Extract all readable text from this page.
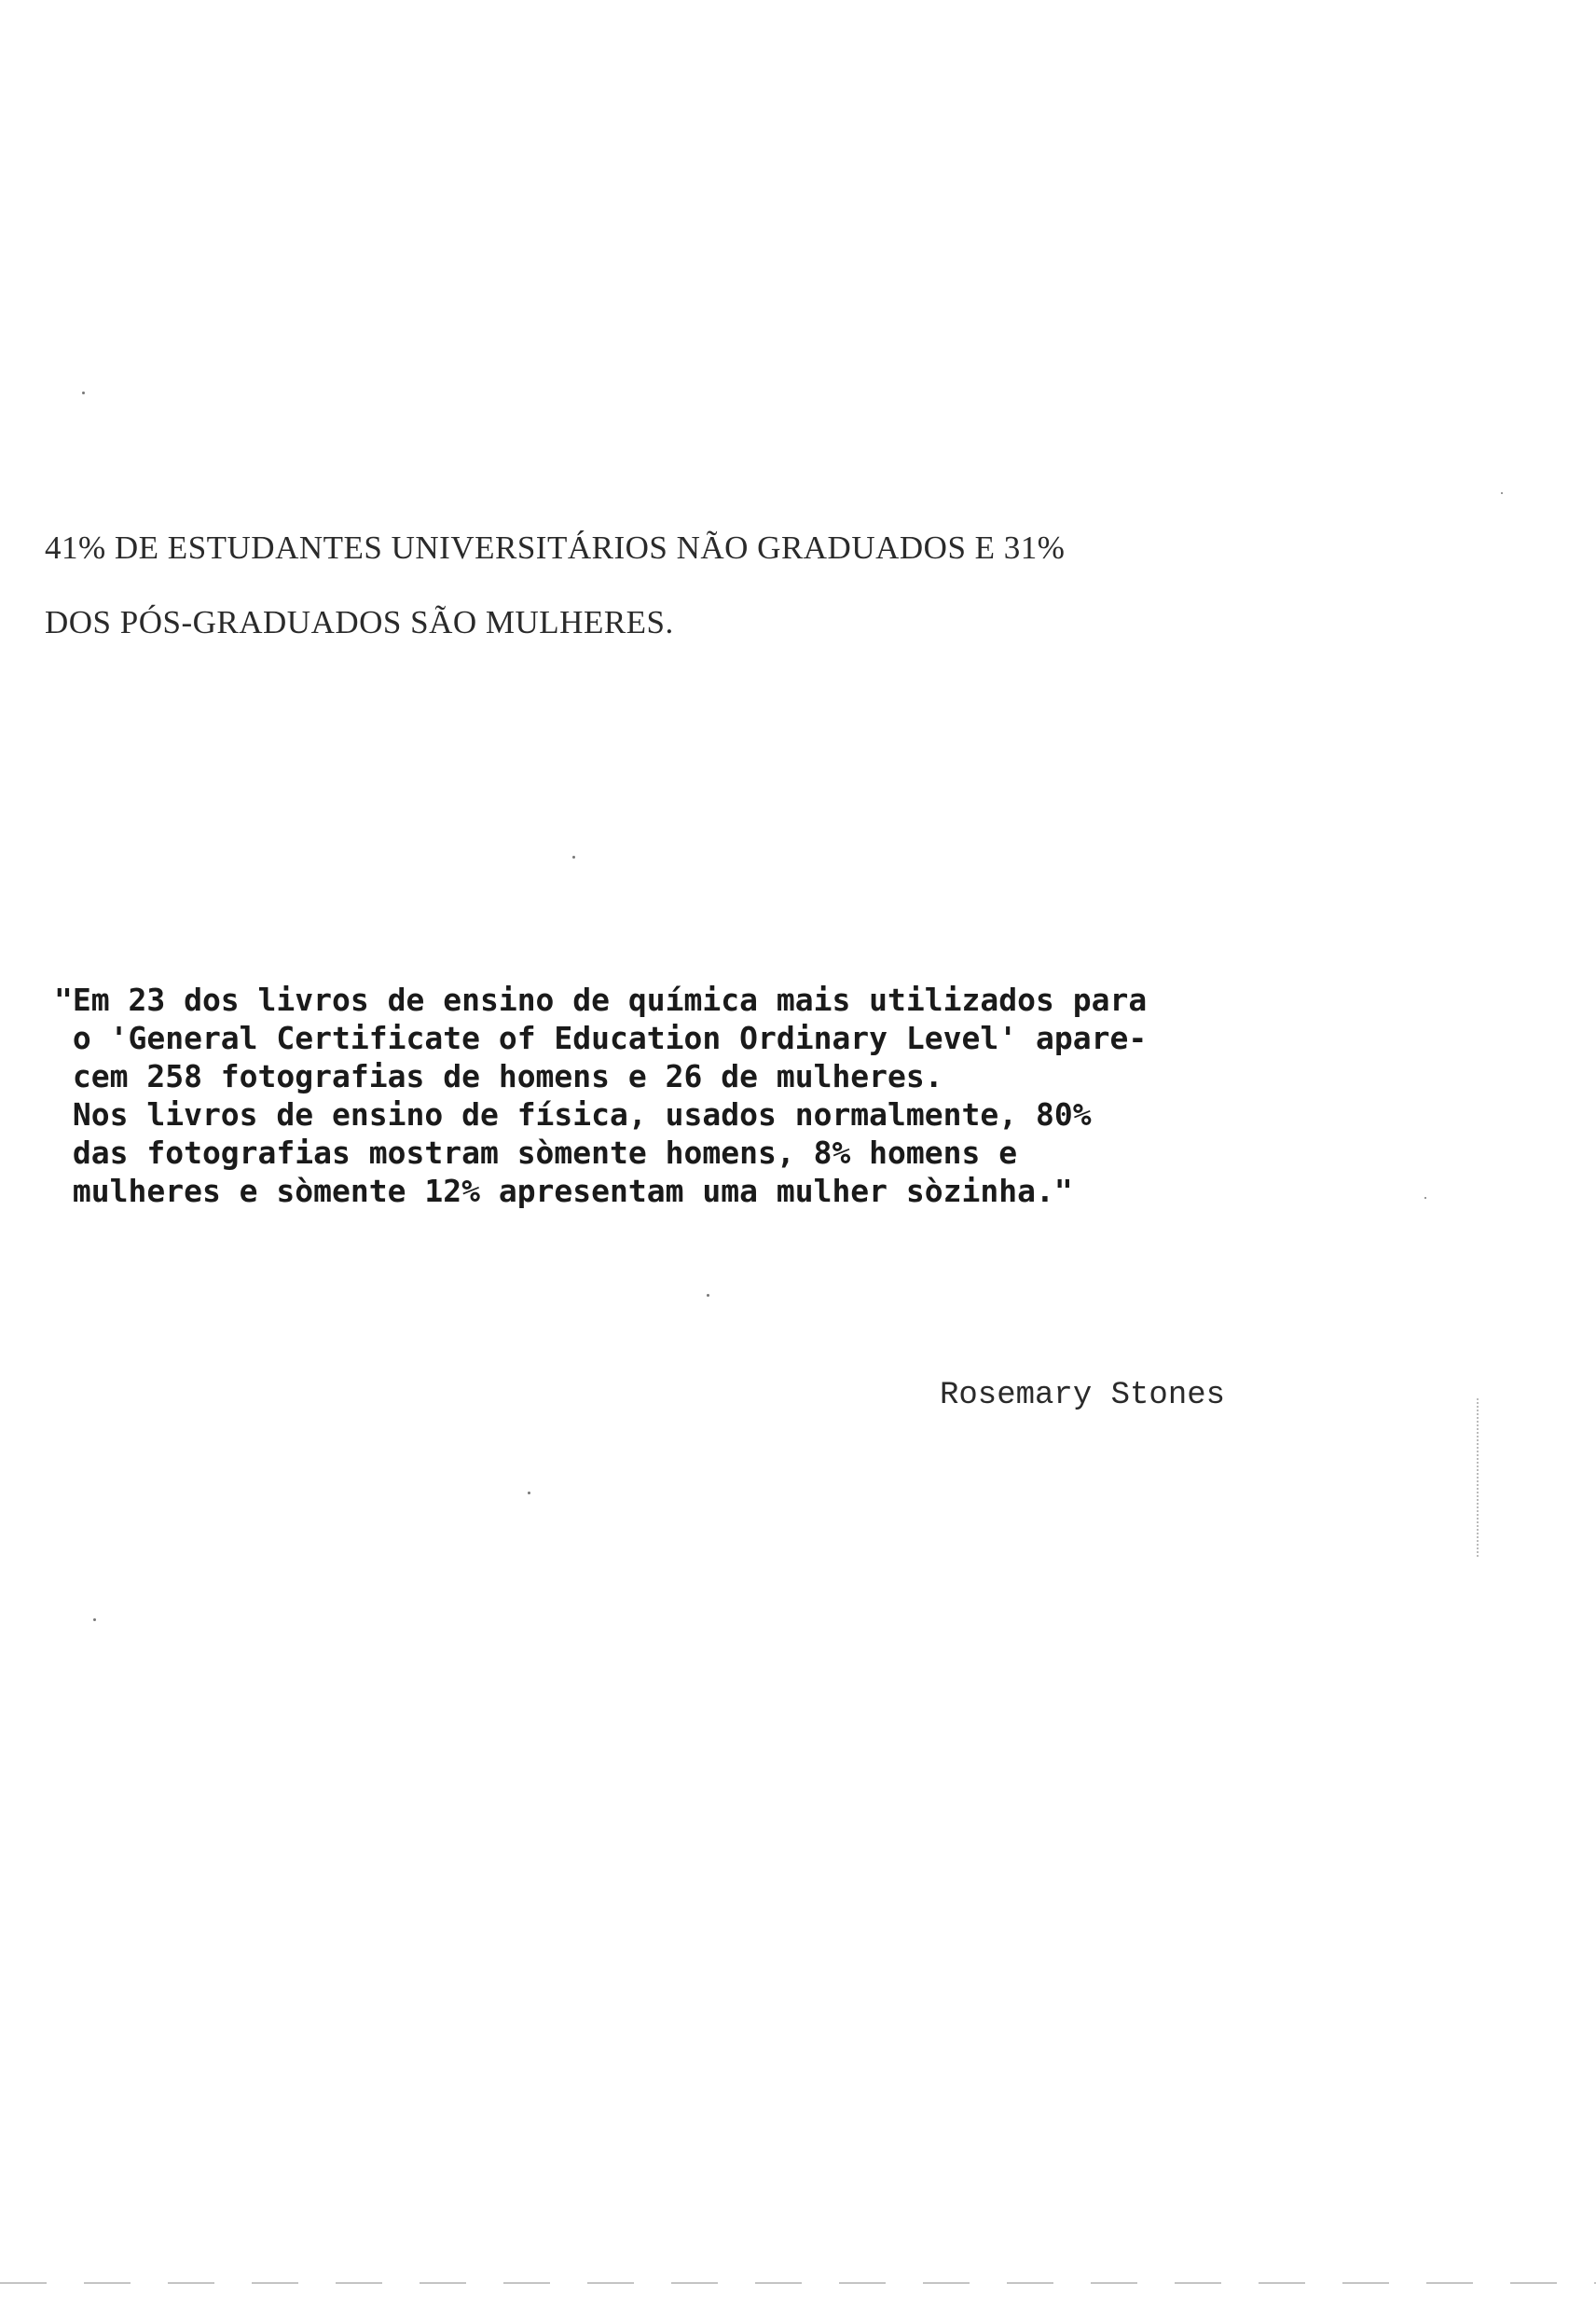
41% DE ESTUDANTES UNIVERSITÁRIOS NÃO GRADUADOS E 31%
DOS PÓS-GRADUADOS SÃO MULHERES.
"Em 23 dos livros de ensino de química mais utilizados para
o 'General Certificate of Education Ordinary Level' apare-
cem 258 fotografias de homens e 26 de mulheres.
Nos livros de ensino de física, usados normalmente, 80%
das fotografias mostram sòmente homens, 8% homens e
mulheres e sòmente 12% apresentam uma mulher sòzinha."
Rosemary Stones
